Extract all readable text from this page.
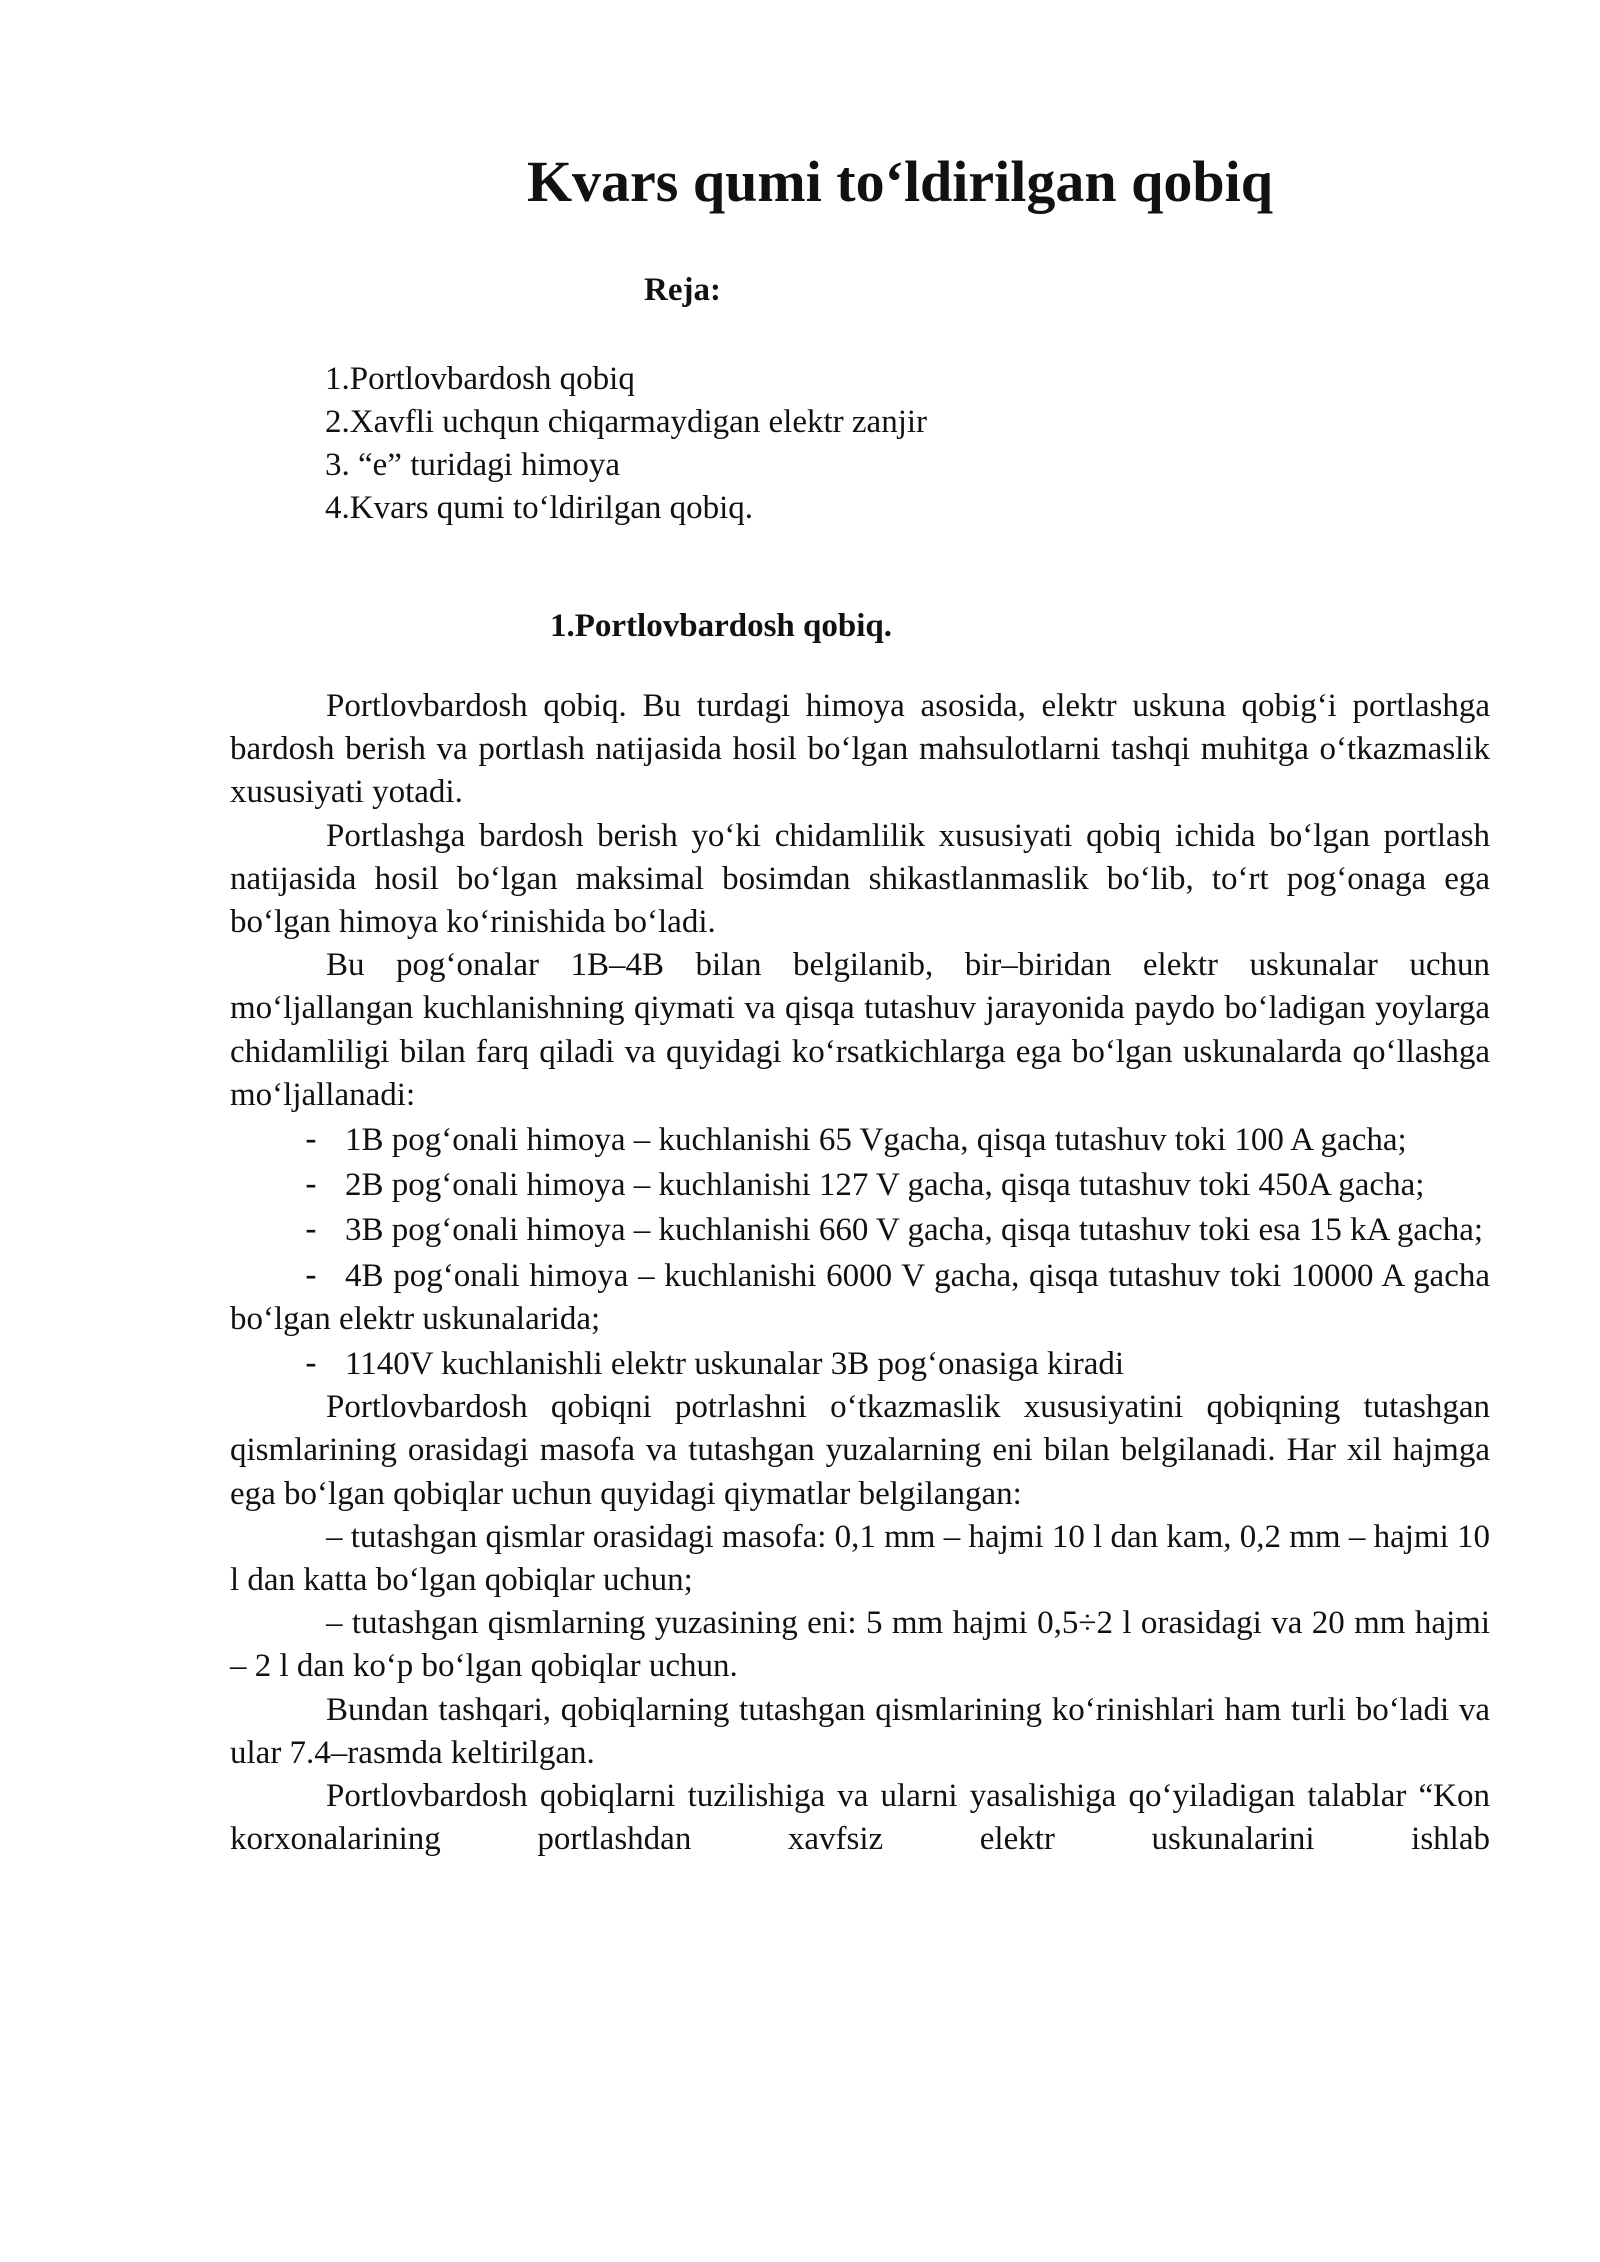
Kvars qumi to‘ldirilgan qobiq
Reja:
1.Portlovbardosh qobiq
2.Xavfli uchqun chiqarmaydigan elektr zanjir
3. “e” turidagi himoya
4.Kvars qumi to‘ldirilgan qobiq.
1.Portlovbardosh qobiq.

Portlovbardosh qobiq. Bu turdagi himoya asosida, elektr uskuna qobig‘i portlashga bardosh berish va portlash natijasida hosil bo‘lgan mahsulotlarni tashqi muhitga o‘tkazmaslik xususiyati yotadi.

Portlashga bardosh berish yo‘ki chidamlilik xususiyati qobiq ichida bo‘lgan portlash natijasida hosil bo‘lgan maksimal bosimdan shikastlanmaslik bo‘lib, to‘rt pog‘onaga ega bo‘lgan himoya ko‘rinishida bo‘ladi.

Bu pog‘onalar 1B–4B bilan belgilanib, bir–biridan elektr uskunalar uchun mo‘ljallangan kuchlanishning qiymati va qisqa tutashuv jarayonida paydo bo‘ladigan yoylarga chidamliligi bilan farq qiladi va quyidagi ko‘rsatkichlarga ega bo‘lgan uskunalarda qo‘llashga mo‘ljallanadi:

- 1B pog‘onali himoya – kuchlanishi 65 Vgacha, qisqa tutashuv toki 100 A gacha;

- 2B pog‘onali himoya – kuchlanishi 127 V gacha, qisqa tutashuv toki 450A gacha;

- 3B pog‘onali himoya – kuchlanishi 660 V gacha, qisqa tutashuv toki esa 15 kA gacha;

- 4B pog‘onali himoya – kuchlanishi 6000 V gacha, qisqa tutashuv toki 10000 A gacha bo‘lgan elektr uskunalarida;

- 1140V kuchlanishli elektr uskunalar 3B pog‘onasiga kiradi

Portlovbardosh qobiqni potrlashni o‘tkazmaslik xususiyatini qobiqning tutashgan qismlarining orasidagi masofa va tutashgan yuzalarning eni bilan belgilanadi. Har xil hajmga ega bo‘lgan qobiqlar uchun quyidagi qiymatlar belgilangan:

– tutashgan qismlar orasidagi masofa: 0,1 mm – hajmi 10 l dan kam, 0,2 mm – hajmi 10 l dan katta bo‘lgan qobiqlar uchun;

– tutashgan qismlarning yuzasining eni: 5 mm hajmi 0,5÷2 l orasidagi va 20 mm hajmi – 2 l dan ko‘p bo‘lgan qobiqlar uchun.

Bundan tashqari, qobiqlarning tutashgan qismlarining ko‘rinishlari ham turli bo‘ladi va ular 7.4–rasmda keltirilgan.

Portlovbardosh qobiqlarni tuzilishiga va ularni yasalishiga qo‘yiladigan talablar “Kon korxonalarining portlashdan xavfsiz elektr uskunalarini ishlab
